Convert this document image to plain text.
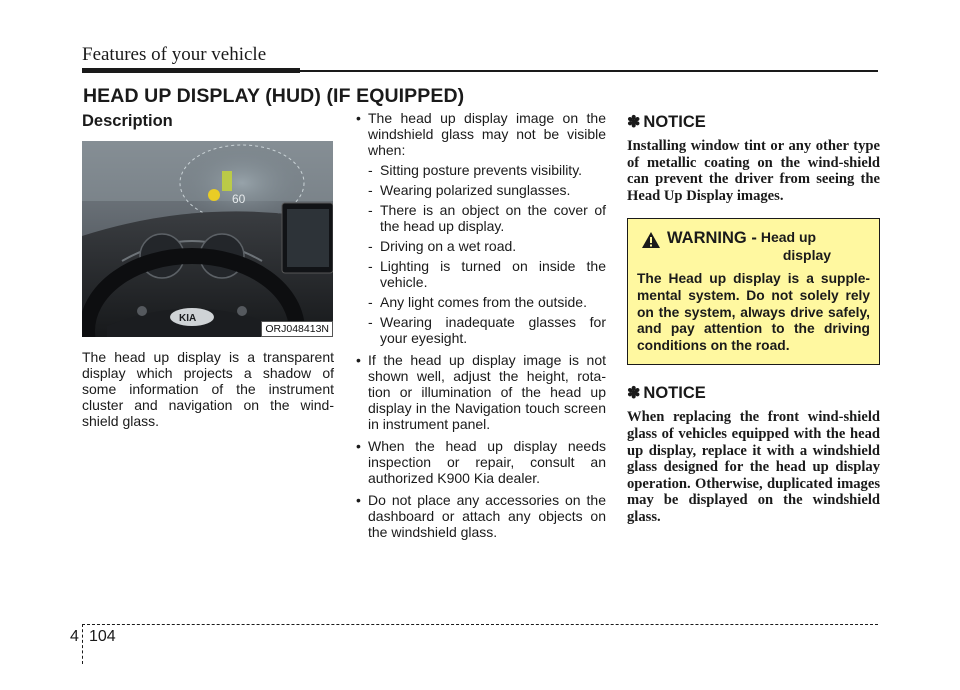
Features of your vehicle
HEAD UP DISPLAY (HUD) (IF EQUIPPED)
Description
60
KIA
ORJ048413N
The head up display is a transparent display which projects a shadow of some information of the instrument cluster and navigation on the wind-shield glass.
• The head up display image on the windshield glass may not be visible when:
- Sitting posture prevents visibility.
- Wearing polarized sunglasses.
- There is an object on the cover of the head up display.
- Driving on a wet road.
- Lighting is turned on inside the vehicle.
- Any light comes from the outside.
- Wearing inadequate glasses for your eyesight.
• If the head up display image is not shown well, adjust the height, rota-tion or illumination of the head up display in the Navigation touch screen in instrument panel.
• When the head up display needs inspection or repair, consult an authorized K900 Kia dealer.
• Do not place any accessories on the dashboard or attach any objects on the windshield glass.
✽ NOTICE
Installing window tint or any other type of metallic coating on the wind-shield can prevent the driver from seeing the Head Up Display images.
WARNING - Head up
display
The Head up display is a supple-mental system. Do not solely rely on the system, always drive safely, and pay attention to the driving conditions on the road.
✽ NOTICE
When replacing the front wind-shield glass of vehicles equipped with the head up display, replace it with a windshield glass designed for the head up display operation. Otherwise, duplicated images may be displayed on the windshield glass.
4 104
